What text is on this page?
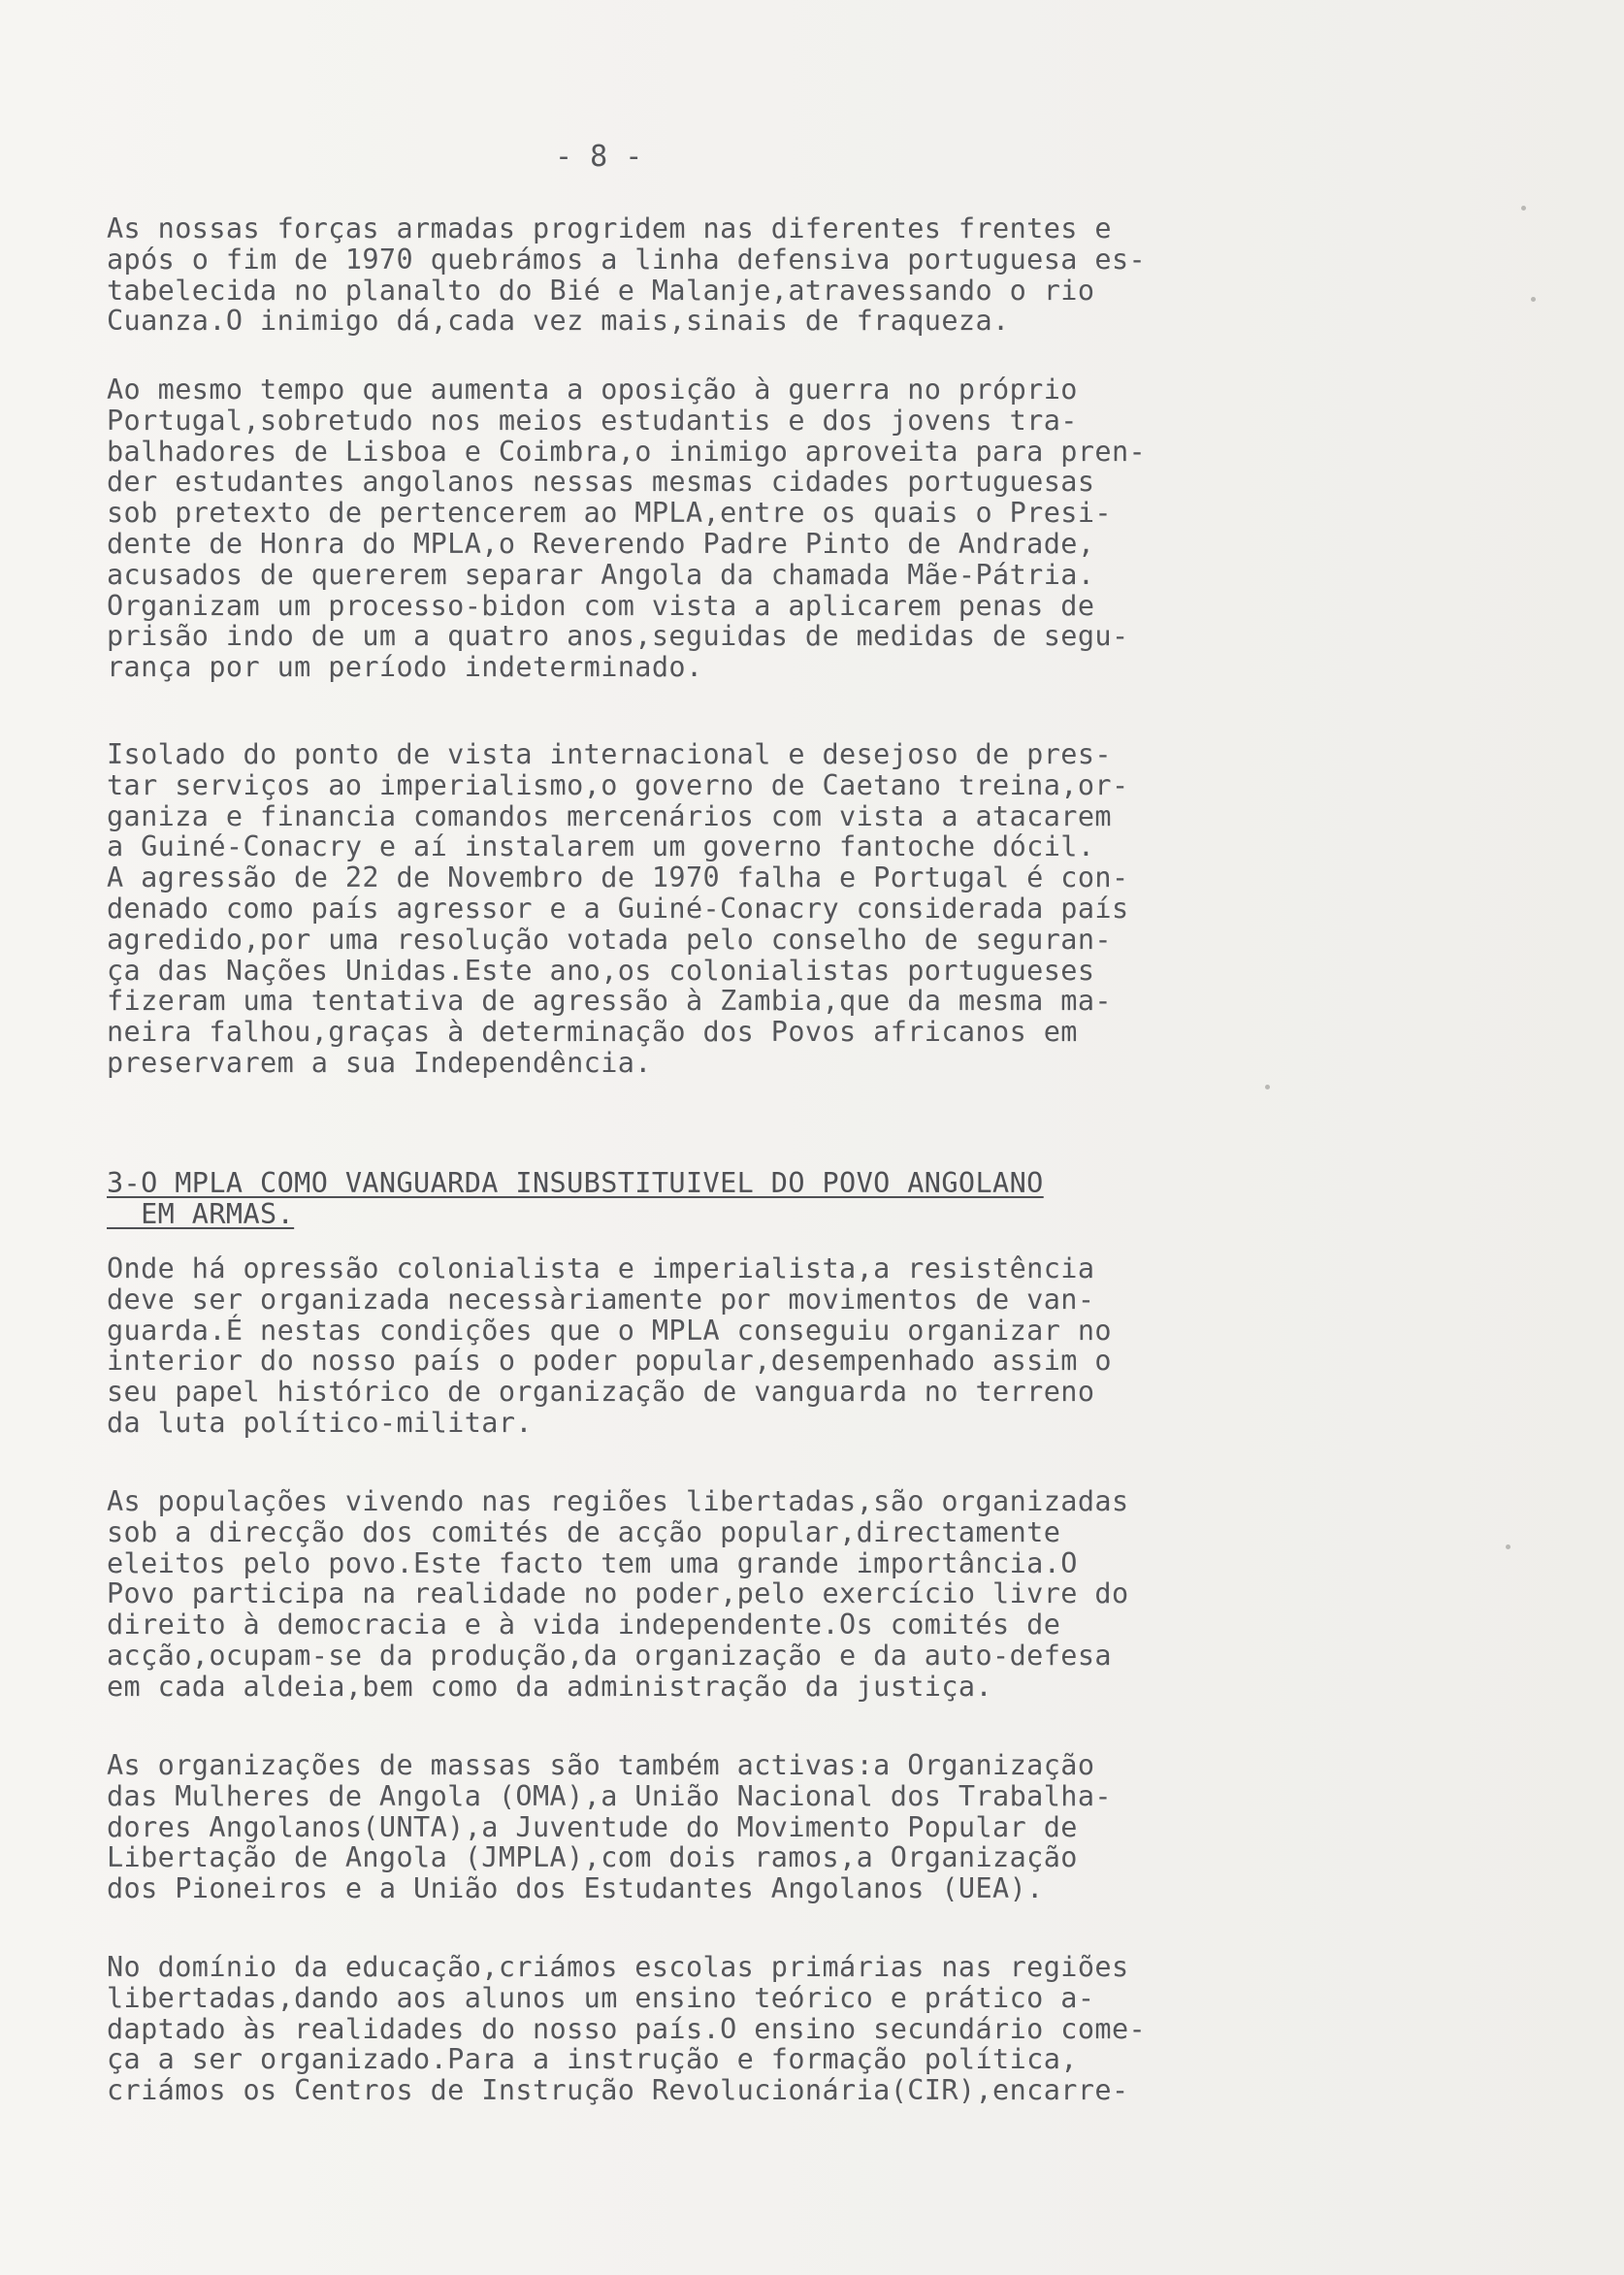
- 8 -
As nossas forças armadas progridem nas diferentes frentes e
após o fim de 1970 quebrámos a linha defensiva portuguesa es-
tabelecida no planalto do Bié e Malanje,atravessando o rio
Cuanza.O inimigo dá,cada vez mais,sinais de fraqueza.
Ao mesmo tempo que aumenta a oposição à guerra no próprio
Portugal,sobretudo nos meios estudantis e dos jovens tra-
balhadores de Lisboa e Coimbra,o inimigo aproveita para pren-
der estudantes angolanos nessas mesmas cidades portuguesas
sob pretexto de pertencerem ao MPLA,entre os quais o Presi-
dente de Honra do MPLA,o Reverendo Padre Pinto de Andrade,
acusados de quererem separar Angola da chamada Mãe-Pátria.
Organizam um processo-bidon com vista a aplicarem penas de
prisão indo de um a quatro anos,seguidas de medidas de segu-
rança por um período indeterminado.
Isolado do ponto de vista internacional e desejoso de pres-
tar serviços ao imperialismo,o governo de Caetano treina,or-
ganiza e financia comandos mercenários com vista a atacarem
a Guiné-Conacry e aí instalarem um governo fantoche dócil.
A agressão de 22 de Novembro de 1970 falha e Portugal é con-
denado como país agressor e a Guiné-Conacry considerada país
agredido,por uma resolução votada pelo conselho de seguran-
ça das Nações Unidas.Este ano,os colonialistas portugueses
fizeram uma tentativa de agressão à Zambia,que da mesma ma-
neira falhou,graças à determinação dos Povos africanos em
preservarem a sua Independência.
3-O MPLA COMO VANGUARDA INSUBSTITUIVEL DO POVO ANGOLANO
EM ARMAS.
Onde há opressão colonialista e imperialista,a resistência
deve ser organizada necessàriamente por movimentos de van-
guarda.É nestas condições que o MPLA conseguiu organizar no
interior do nosso país o poder popular,desempenhado assim o
seu papel histórico de organização de vanguarda no terreno
da luta político-militar.
As populações vivendo nas regiões libertadas,são organizadas
sob a direcção dos comités de acção popular,directamente
eleitos pelo povo.Este facto tem uma grande importância.O
Povo participa na realidade no poder,pelo exercício livre do
direito à democracia e à vida independente.Os comités de
acção,ocupam-se da produção,da organização e da auto-defesa
em cada aldeia,bem como da administração da justiça.
As organizações de massas são também activas:a Organização
das Mulheres de Angola (OMA),a União Nacional dos Trabalha-
dores Angolanos(UNTA),a Juventude do Movimento Popular de
Libertação de Angola (JMPLA),com dois ramos,a Organização
dos Pioneiros e a União dos Estudantes Angolanos (UEA).
No domínio da educação,criámos escolas primárias nas regiões
libertadas,dando aos alunos um ensino teórico e prático a-
daptado às realidades do nosso país.O ensino secundário come-
ça a ser organizado.Para a instrução e formação política,
criámos os Centros de Instrução Revolucionária(CIR),encarre-
